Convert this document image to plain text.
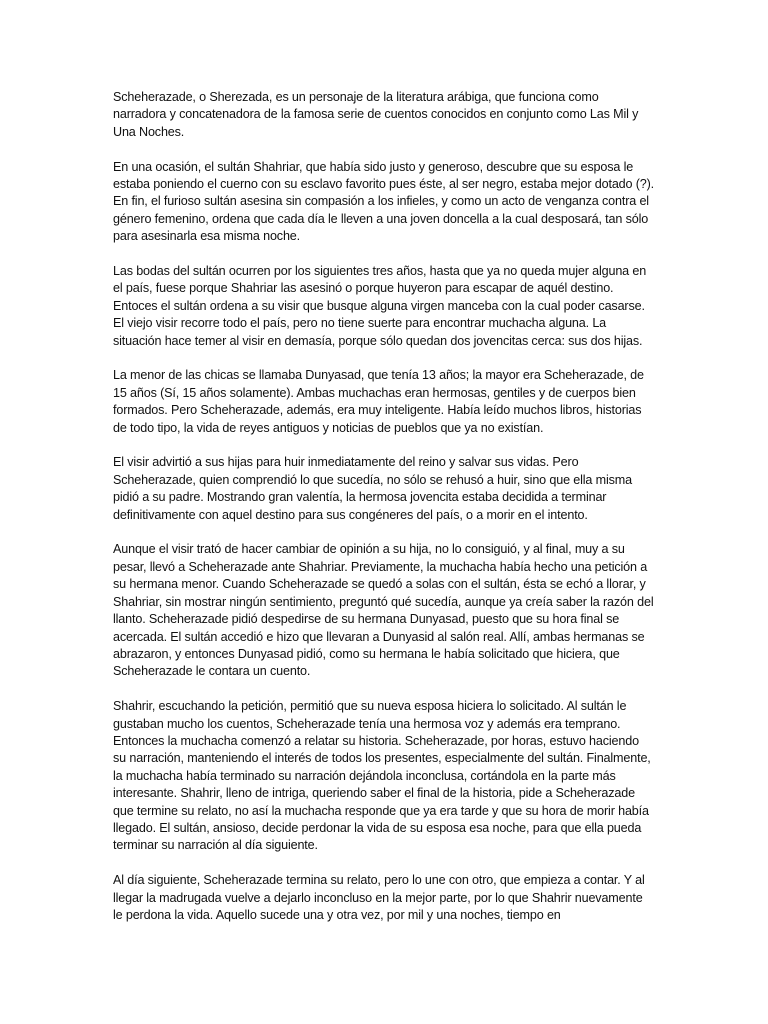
Scheherazade, o Sherezada, es un personaje de la literatura arábiga, que funciona como narradora y concatenadora de la famosa serie de cuentos conocidos en conjunto como Las Mil y Una Noches.

En una ocasión, el sultán Shahriar, que había sido justo y generoso, descubre que su esposa le estaba poniendo el cuerno con su esclavo favorito pues éste, al ser negro, estaba mejor dotado (?). En fin, el furioso sultán asesina sin compasión a los infieles, y como un acto de venganza contra el género femenino, ordena que cada día le lleven a una joven doncella a la cual desposará, tan sólo para asesinarla esa misma noche.

Las bodas del sultán ocurren por los siguientes tres años, hasta que ya no queda mujer alguna en el país, fuese porque Shahriar las asesinó o porque huyeron para escapar de aquél destino. Entoces el sultán ordena a su visir que busque alguna virgen manceba con la cual poder casarse. El viejo visir recorre todo el país, pero no tiene suerte para encontrar muchacha alguna. La situación hace temer al visir en demasía, porque sólo quedan dos jovencitas cerca: sus dos hijas.

La menor de las chicas se llamaba Dunyasad, que tenía 13 años; la mayor era Scheherazade, de 15 años (Sí, 15 años solamente). Ambas muchachas eran hermosas, gentiles y de cuerpos bien formados. Pero Scheherazade, además, era muy inteligente. Había leído muchos libros, historias de todo tipo, la vida de reyes antiguos y noticias de pueblos que ya no existían.

El visir advirtió a sus hijas para huir inmediatamente del reino y salvar sus vidas. Pero Scheherazade, quien comprendió lo que sucedía, no sólo se rehusó a huir, sino que ella misma pidió a su padre. Mostrando gran valentía, la hermosa jovencita estaba decidida a terminar definitivamente con aquel destino para sus congéneres del país, o a morir en el intento.

Aunque el visir trató de hacer cambiar de opinión a su hija, no lo consiguió, y al final, muy a su pesar, llevó a Scheherazade ante Shahriar. Previamente, la muchacha había hecho una petición a su hermana menor. Cuando Scheherazade se quedó a solas con el sultán, ésta se echó a llorar, y Shahriar, sin mostrar ningún sentimiento, preguntó qué sucedía, aunque ya creía saber la razón del llanto. Scheherazade pidió despedirse de su hermana Dunyasad, puesto que su hora final se acercada. El sultán accedió e hizo que llevaran a Dunyasid al salón real. Allí, ambas hermanas se abrazaron, y entonces Dunyasad pidió, como su hermana le había solicitado que hiciera, que Scheherazade le contara un cuento.

Shahrir, escuchando la petición, permitió que su nueva esposa hiciera lo solicitado. Al sultán le gustaban mucho los cuentos, Scheherazade tenía una hermosa voz y además era temprano. Entonces la muchacha comenzó a relatar su historia. Scheherazade, por horas, estuvo haciendo su narración, manteniendo el interés de todos los presentes, especialmente del sultán. Finalmente, la muchacha había terminado su narración dejándola inconclusa, cortándola en la parte más interesante. Shahrir, lleno de intriga, queriendo saber el final de la historia, pide a Scheherazade que termine su relato, no así la muchacha responde que ya era tarde y que su hora de morir había llegado. El sultán, ansioso, decide perdonar la vida de su esposa esa noche, para que ella pueda terminar su narración al día siguiente.

Al día siguiente, Scheherazade termina su relato, pero lo une con otro, que empieza a contar. Y al llegar la madrugada vuelve a dejarlo inconcluso en la mejor parte, por lo que Shahrir nuevamente le perdona la vida. Aquello sucede una y otra vez, por mil y una noches, tiempo en
